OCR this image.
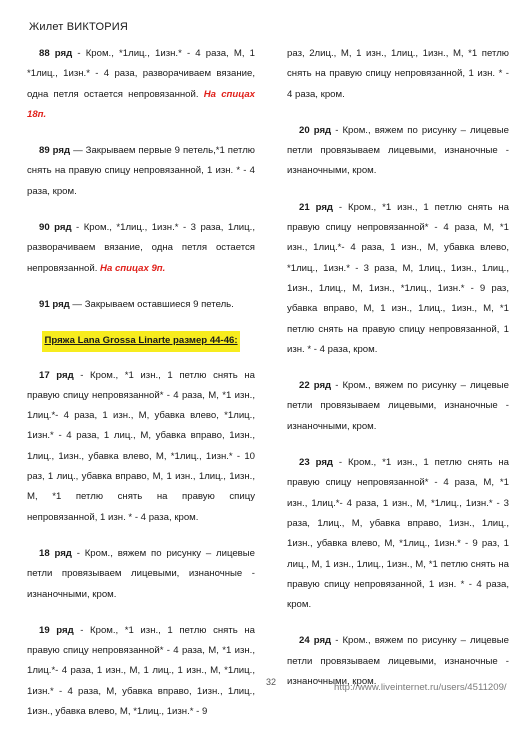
Жилет ВИКТОРИЯ

88 ряд - Кром., *1лиц., 1изн.* - 4 раза, М, 1 *1лиц., 1изн.* - 4 раза, разворачиваем вязание, одна петля остается непровязанной. На спицах 18п.

89 ряд — Закрываем первые 9 петель,*1 петлю снять на правую спицу непровязанной, 1 изн. * - 4 раза, кром.

90 ряд - Кром., *1лиц., 1изн.* - 3 раза, 1лиц., разворачиваем вязание, одна петля остается непровязанной. На спицах 9п.

91 ряд — Закрываем оставшиеся 9 петель.

Пряжа Lana Grossa Linarte размер 44-46:

17 ряд - Кром., *1 изн., 1 петлю снять на правую спицу непровязанной* - 4 раза, М, *1 изн., 1лиц.*- 4 раза, 1 изн., М, убавка влево, *1лиц., 1изн.* - 4 раза, 1 лиц., М, убавка вправо, 1изн., 1лиц., 1изн., убавка влево, М, *1лиц., 1изн.* - 10 раз, 1 лиц., убавка вправо, М, 1 изн., 1лиц., 1изн., М, *1 петлю снять на правую спицу непровязанной, 1 изн. * - 4 раза, кром.

18 ряд - Кром., вяжем по рисунку – лицевые петли провязываем лицевыми, изнаночные - изнаночными, кром.

19 ряд - Кром., *1 изн., 1 петлю снять на правую спицу непровязанной* - 4 раза, М, *1 изн., 1лиц.*- 4 раза, 1 изн., М, 1 лиц., 1 изн., М, *1лиц., 1изн.* - 4 раза, М, убавка вправо, 1изн., 1лиц., 1изн., убавка влево, М, *1лиц., 1изн.* - 9

раз, 2лиц., М, 1 изн., 1лиц., 1изн., М, *1 петлю снять на правую спицу непровязанной, 1 изн. * - 4 раза, кром.

20 ряд - Кром., вяжем по рисунку – лицевые петли провязываем лицевыми, изнаночные - изнаночными, кром.

21 ряд - Кром., *1 изн., 1 петлю снять на правую спицу непровязанной* - 4 раза, М, *1 изн., 1лиц.*- 4 раза, 1 изн., М, убавка влево, *1лиц., 1изн.* - 3 раза, М, 1лиц., 1изн., 1лиц., 1изн., 1лиц., М, 1изн., *1лиц., 1изн.* - 9 раз, убавка вправо, М, 1 изн., 1лиц., 1изн., М, *1 петлю снять на правую спицу непровязанной, 1 изн. * - 4 раза, кром.

22 ряд - Кром., вяжем по рисунку – лицевые петли провязываем лицевыми, изнаночные - изнаночными, кром.

23 ряд - Кром., *1 изн., 1 петлю снять на правую спицу непровязанной* - 4 раза, М, *1 изн., 1лиц.*- 4 раза, 1 изн., М, *1лиц., 1изн.* - 3 раза, 1лиц., М, убавка вправо, 1изн., 1лиц., 1изн., убавка влево, М, *1лиц., 1изн.* - 9 раз, 1 лиц., М, 1 изн., 1лиц., 1изн., М, *1 петлю снять на правую спицу непровязанной, 1 изн. * - 4 раза, кром.

24 ряд - Кром., вяжем по рисунку – лицевые петли провязываем лицевыми, изнаночные - изнаночными, кром.

32	http://www.liveinternet.ru/users/4511209/
